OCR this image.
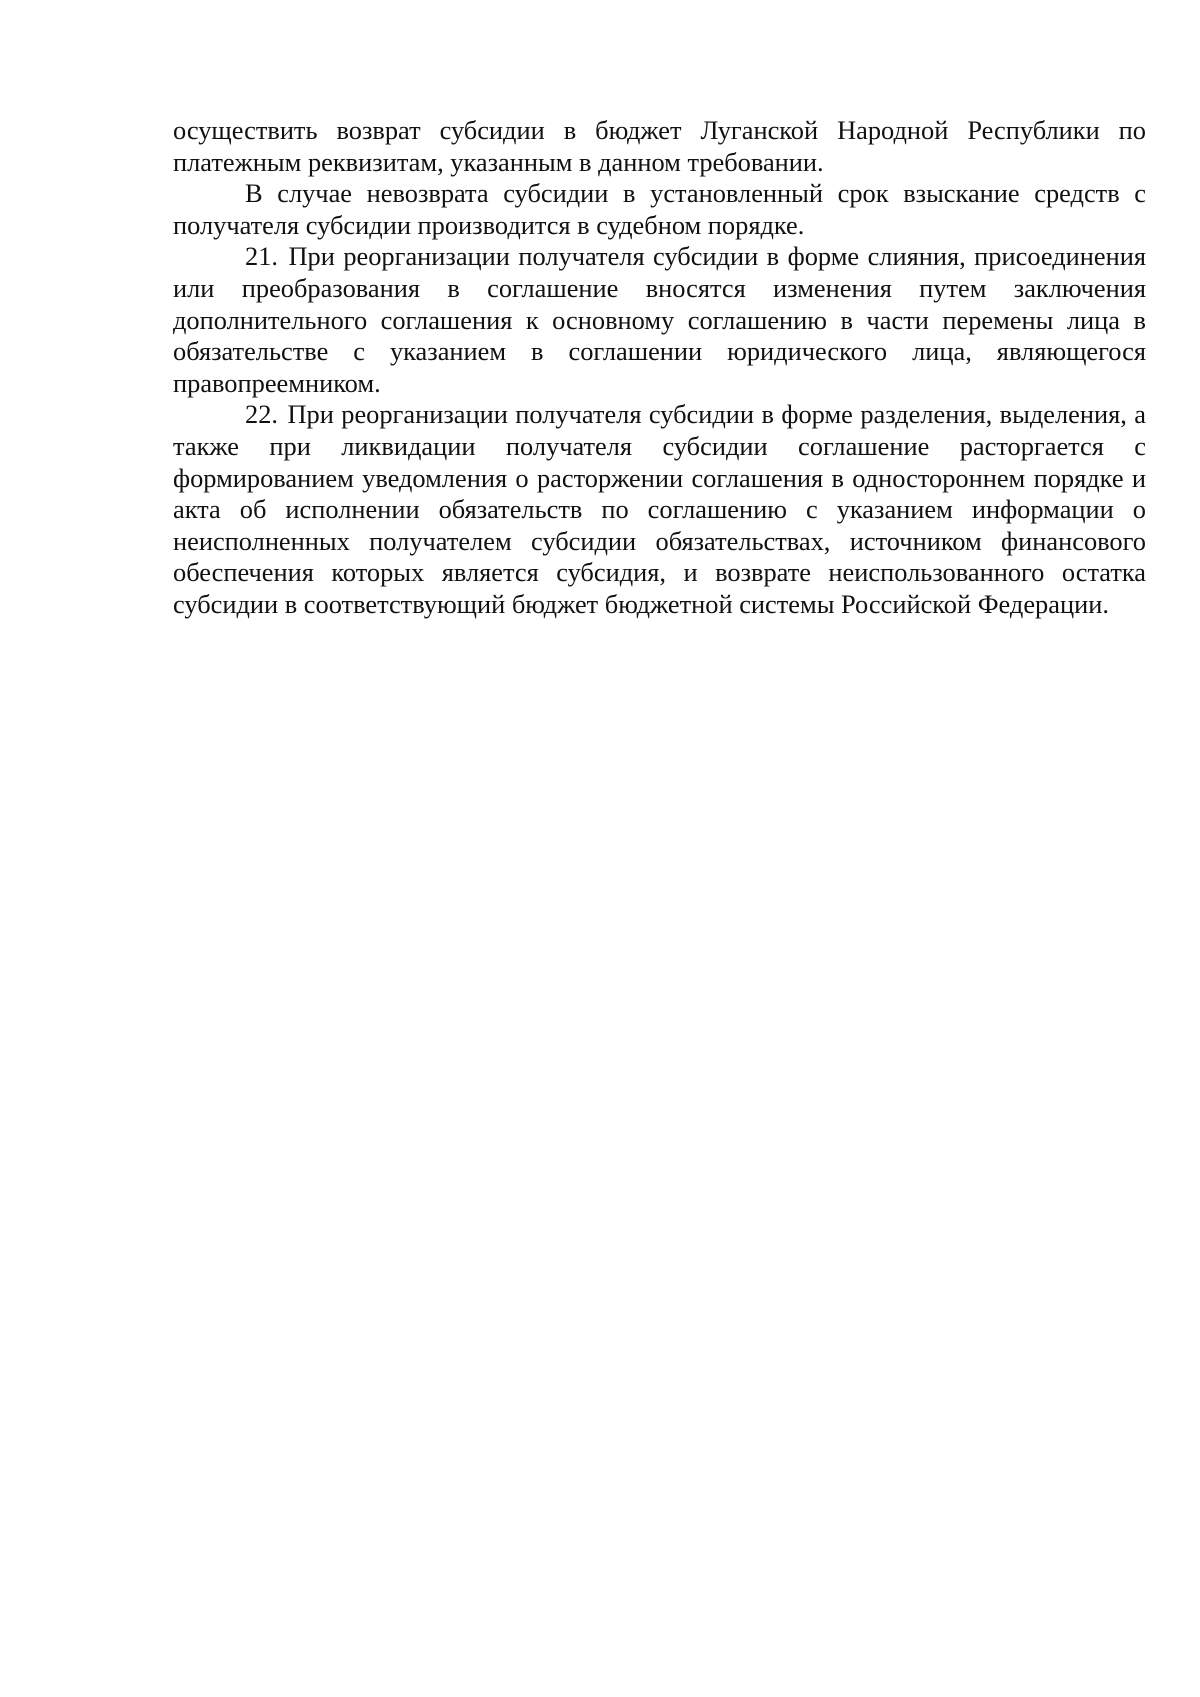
осуществить возврат субсидии в бюджет Луганской Народной Республики по платежным реквизитам, указанным в данном требовании.

В случае невозврата субсидии в установленный срок взыскание средств с получателя субсидии производится в судебном порядке.

21. При реорганизации получателя субсидии в форме слияния, присоединения или преобразования в соглашение вносятся изменения путем заключения дополнительного соглашения к основному соглашению в части перемены лица в обязательстве с указанием в соглашении юридического лица, являющегося правопреемником.

22. При реорганизации получателя субсидии в форме разделения, выделения, а также при ликвидации получателя субсидии соглашение расторгается с формированием уведомления о расторжении соглашения в одностороннем порядке и акта об исполнении обязательств по соглашению с указанием информации о неисполненных получателем субсидии обязательствах, источником финансового обеспечения которых является субсидия, и возврате неиспользованного остатка субсидии в соответствующий бюджет бюджетной системы Российской Федерации.
